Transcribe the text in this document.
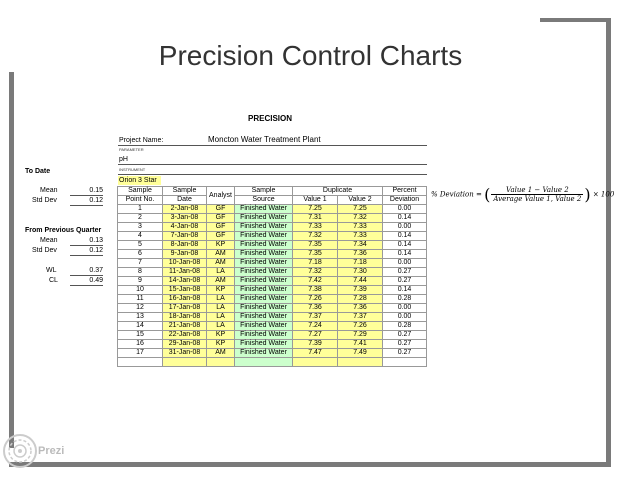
Precision Control Charts
PRECISION
Project Name:	Moncton Water Treatment Plant
PARAMETER
pH
INSTRUMENT
Orion 3 Star
To Date
Mean	0.15
Std Dev	0.12
From Previous Quarter
Mean	0.13
Std Dev	0.12
WL	0.37
CL	0.49
Sample	Sample	Analyst	Sample	Duplicate		Percent
Point No.	Date		Source	Value 1	Value 2	Deviation
1	2-Jan-08	GF	Finished Water	7.25	7.25	0.00
2	3-Jan-08	GF	Finished Water	7.31	7.32	0.14
3	4-Jan-08	GF	Finished Water	7.33	7.33	0.00
4	7-Jan-08	GF	Finished Water	7.32	7.33	0.14
5	8-Jan-08	KP	Finished Water	7.35	7.34	0.14
6	9-Jan-08	AM	Finished Water	7.35	7.36	0.14
7	10-Jan-08	AM	Finished Water	7.18	7.18	0.00
8	11-Jan-08	LA	Finished Water	7.32	7.30	0.27
9	14-Jan-08	AM	Finished Water	7.42	7.44	0.27
10	15-Jan-08	KP	Finished Water	7.38	7.39	0.14
11	16-Jan-08	LA	Finished Water	7.26	7.28	0.28
12	17-Jan-08	LA	Finished Water	7.36	7.36	0.00
13	18-Jan-08	LA	Finished Water	7.37	7.37	0.00
14	21-Jan-08	LA	Finished Water	7.24	7.26	0.28
15	22-Jan-08	KP	Finished Water	7.27	7.29	0.27
16	29-Jan-08	KP	Finished Water	7.39	7.41	0.27
17	31-Jan-08	AM	Finished Water	7.47	7.49	0.27

% Deviation = ( $\frac{\text{Value 1 − Value 2}}{\text{Average Value 1, Value 2}}$ ) × 100
Prezi
